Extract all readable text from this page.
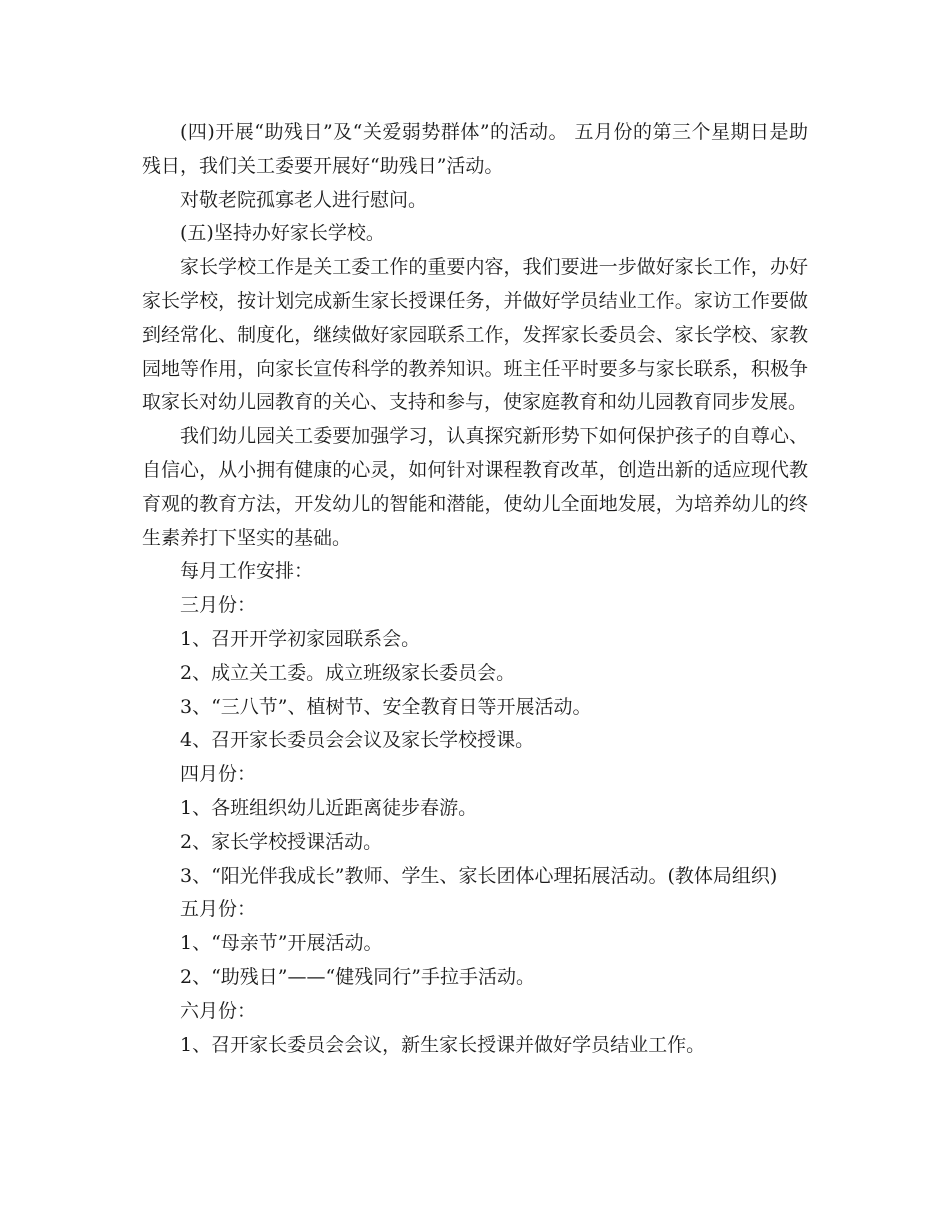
(四)开展“助残日”及“关爱弱势群体”的活动。 五月份的第三个星期日是助残日，我们关工委要开展好“助残日”活动。

对敬老院孤寡老人进行慰问。

(五)坚持办好家长学校。

家长学校工作是关工委工作的重要内容，我们要进一步做好家长工作，办好家长学校，按计划完成新生家长授课任务，并做好学员结业工作。家访工作要做到经常化、制度化，继续做好家园联系工作，发挥家长委员会、家长学校、家教园地等作用，向家长宣传科学的教养知识。班主任平时要多与家长联系，积极争取家长对幼儿园教育的关心、支持和参与，使家庭教育和幼儿园教育同步发展。

我们幼儿园关工委要加强学习，认真探究新形势下如何保护孩子的自尊心、自信心，从小拥有健康的心灵，如何针对课程教育改革，创造出新的适应现代教育观的教育方法，开发幼儿的智能和潜能，使幼儿全面地发展，为培养幼儿的终生素养打下坚实的基础。

每月工作安排：

三月份：

1、召开开学初家园联系会。

2、成立关工委。成立班级家长委员会。

3、“三八节”、植树节、安全教育日等开展活动。

4、召开家长委员会会议及家长学校授课。

四月份：

1、各班组织幼儿近距离徒步春游。

2、家长学校授课活动。

3、“阳光伴我成长”教师、学生、家长团体心理拓展活动。(教体局组织)

五月份：

1、“母亲节”开展活动。

2、“助残日”——“健残同行”手拉手活动。

六月份：

1、召开家长委员会会议，新生家长授课并做好学员结业工作。
